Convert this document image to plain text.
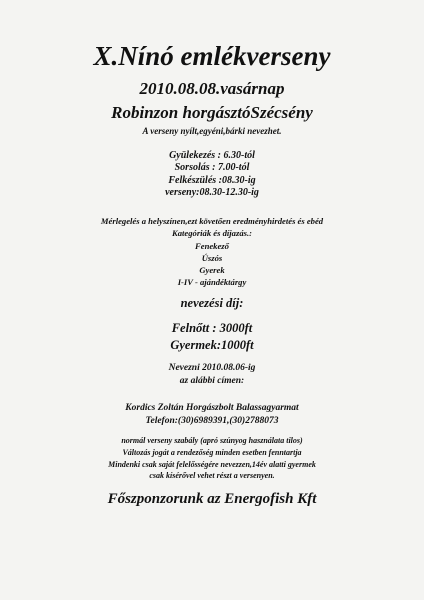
X.Nínó emlékverseny
2010.08.08.vasárnap
Robinzon horgásztóSzécsény
A verseny nyílt,egyéni,bárki nevezhet.
Gyülekezés : 6.30-tól
Sorsolás : 7.00-tól
Felkészülés :08.30-ig
verseny:08.30-12.30-ig
Mérlegelés a helyszínen,ezt követően eredményhirdetés és ebéd
Kategóriák és díjazás.:
Fenekező
Úszós
Gyerek
I-IV - ajándéktárgy
nevezési díj:
Felnőtt : 3000ft
Gyermek:1000ft
Nevezni 2010.08.06-ig
az alábbi címen:
Kordics Zoltán Horgászbolt Balassagyarmat
Telefon:(30)6989391,(30)2788073
normál verseny szabály (apró szúnyog használata tilos)
Változás jogát a rendezőség minden esetben fenntartja
Mindenki csak saját felelősségére nevezzen,14év alatti gyermek
csak kísérővel vehet részt a versenyen.
Főszponzorunk az Energofish Kft
